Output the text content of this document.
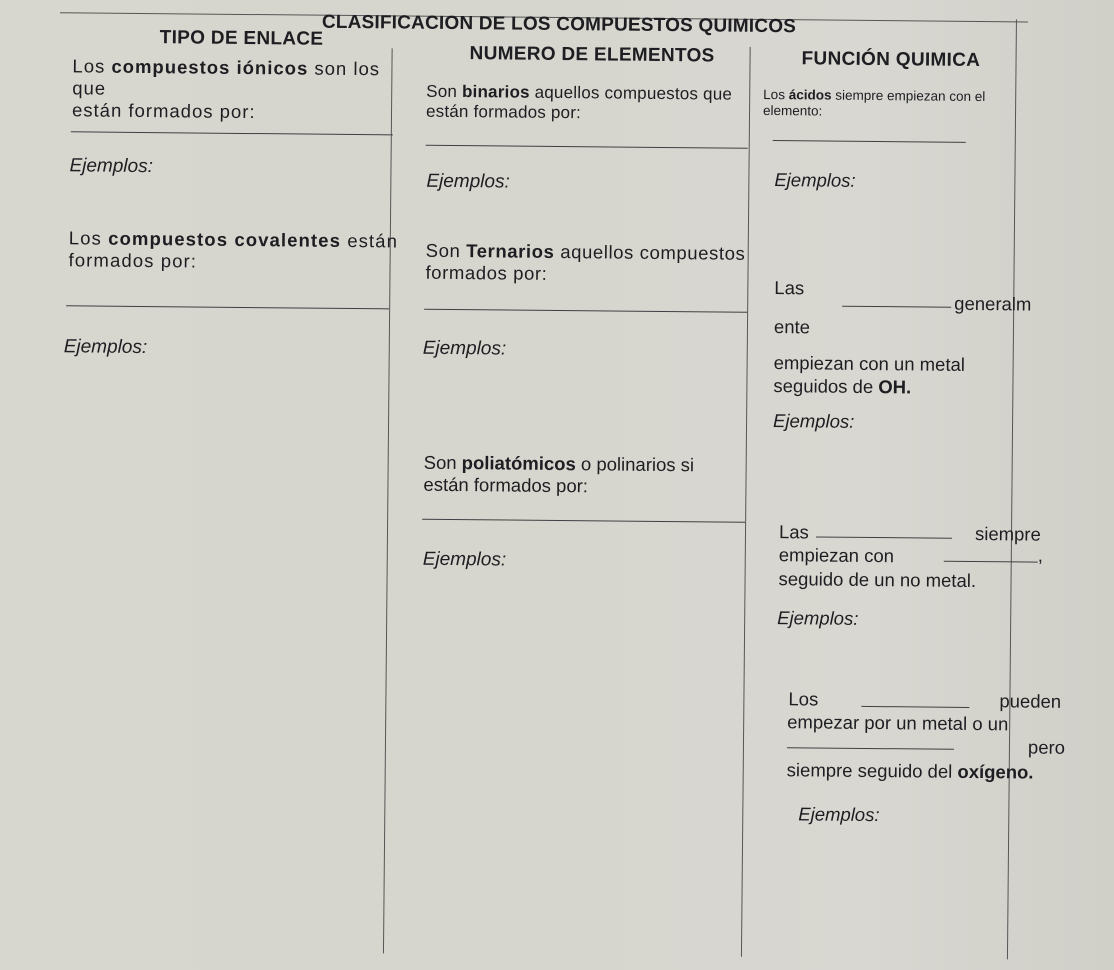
CLASIFICACION DE LOS COMPUESTOS QUIMICOS
TIPO DE ENLACE
NUMERO DE ELEMENTOS	FUNCIÓN QUIMICA
Los compuestos iónicos son los que
están formados por:
Ejemplos:
Los compuestos covalentes están
formados por:
Ejemplos:
Son binarios aquellos compuestos que
están formados por:
Ejemplos:
Son Ternarios aquellos compuestos
formados por:
Ejemplos:
Son poliatómicos o polinarios si
están formados por:
Ejemplos:
Los ácidos siempre empiezan con el
elemento:
Ejemplos:
Las
generalm
ente
empiezan con un metal
seguidos de OH.
Ejemplos:
Las	siempre
empiezan con	,
seguido de un no metal.
Ejemplos:
Los	pueden
empezar por un metal o un
pero
siempre seguido del oxígeno.
Ejemplos:
